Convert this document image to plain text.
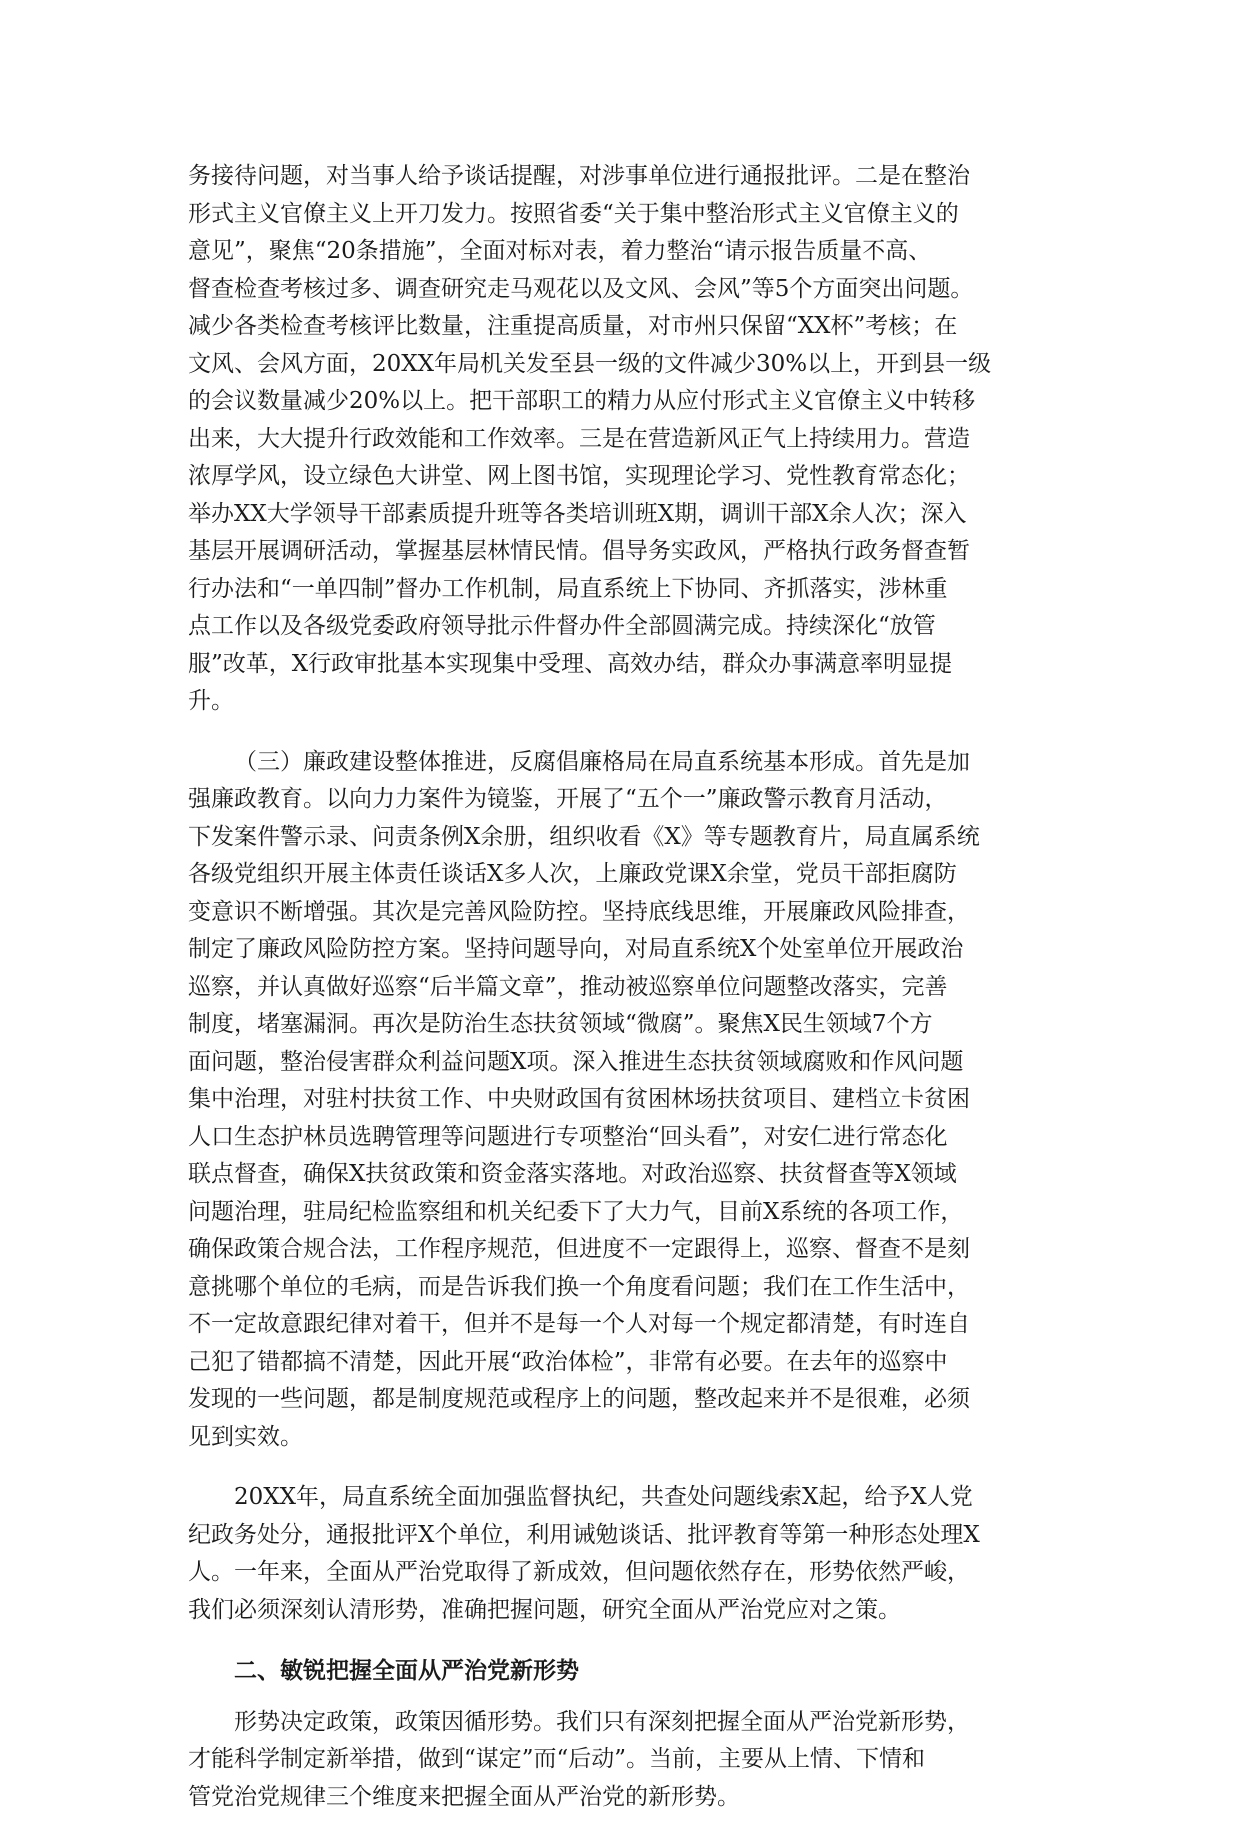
务接待问题，对当事人给予谈话提醒，对涉事单位进行通报批评。二是在整治
形式主义官僚主义上开刀发力。按照省委“关于集中整治形式主义官僚主义的
意见”，聚焦“20条措施”，全面对标对表，着力整治“请示报告质量不高、
督查检查考核过多、调查研究走马观花以及文风、会风”等5个方面突出问题。
减少各类检查考核评比数量，注重提高质量，对市州只保留“XX杯”考核；在
文风、会风方面，20XX年局机关发至县一级的文件减少30%以上，开到县一级
的会议数量减少20%以上。把干部职工的精力从应付形式主义官僚主义中转移
出来，大大提升行政效能和工作效率。三是在营造新风正气上持续用力。营造
浓厚学风，设立绿色大讲堂、网上图书馆，实现理论学习、党性教育常态化；
举办XX大学领导干部素质提升班等各类培训班X期，调训干部X余人次；深入
基层开展调研活动，掌握基层林情民情。倡导务实政风，严格执行政务督查暂
行办法和“一单四制”督办工作机制，局直系统上下协同、齐抓落实，涉林重
点工作以及各级党委政府领导批示件督办件全部圆满完成。持续深化“放管
服”改革，X行政审批基本实现集中受理、高效办结，群众办事满意率明显提
升。
（三）廉政建设整体推进，反腐倡廉格局在局直系统基本形成。首先是加
强廉政教育。以向力力案件为镜鉴，开展了“五个一”廉政警示教育月活动，
下发案件警示录、问责条例X余册，组织收看《X》等专题教育片，局直属系统
各级党组织开展主体责任谈话X多人次，上廉政党课X余堂，党员干部拒腐防
变意识不断增强。其次是完善风险防控。坚持底线思维，开展廉政风险排查，
制定了廉政风险防控方案。坚持问题导向，对局直系统X个处室单位开展政治
巡察，并认真做好巡察“后半篇文章”，推动被巡察单位问题整改落实，完善
制度，堵塞漏洞。再次是防治生态扶贫领域“微腐”。聚焦X民生领域7个方
面问题，整治侵害群众利益问题X项。深入推进生态扶贫领域腐败和作风问题
集中治理，对驻村扶贫工作、中央财政国有贫困林场扶贫项目、建档立卡贫困
人口生态护林员选聘管理等问题进行专项整治“回头看”，对安仁进行常态化
联点督查，确保X扶贫政策和资金落实落地。对政治巡察、扶贫督查等X领域
问题治理，驻局纪检监察组和机关纪委下了大力气，目前X系统的各项工作，
确保政策合规合法，工作程序规范，但进度不一定跟得上，巡察、督查不是刻
意挑哪个单位的毛病，而是告诉我们换一个角度看问题；我们在工作生活中，
不一定故意跟纪律对着干，但并不是每一个人对每一个规定都清楚，有时连自
己犯了错都搞不清楚，因此开展“政治体检”，非常有必要。在去年的巡察中
发现的一些问题，都是制度规范或程序上的问题，整改起来并不是很难，必须
见到实效。
20XX年，局直系统全面加强监督执纪，共查处问题线索X起，给予X人党
纪政务处分，通报批评X个单位，利用诫勉谈话、批评教育等第一种形态处理X
人。一年来，全面从严治党取得了新成效，但问题依然存在，形势依然严峻，
我们必须深刻认清形势，准确把握问题，研究全面从严治党应对之策。
二、敏锐把握全面从严治党新形势
形势决定政策，政策因循形势。我们只有深刻把握全面从严治党新形势，
才能科学制定新举措，做到“谋定”而“后动”。当前，主要从上情、下情和
管党治党规律三个维度来把握全面从严治党的新形势。
